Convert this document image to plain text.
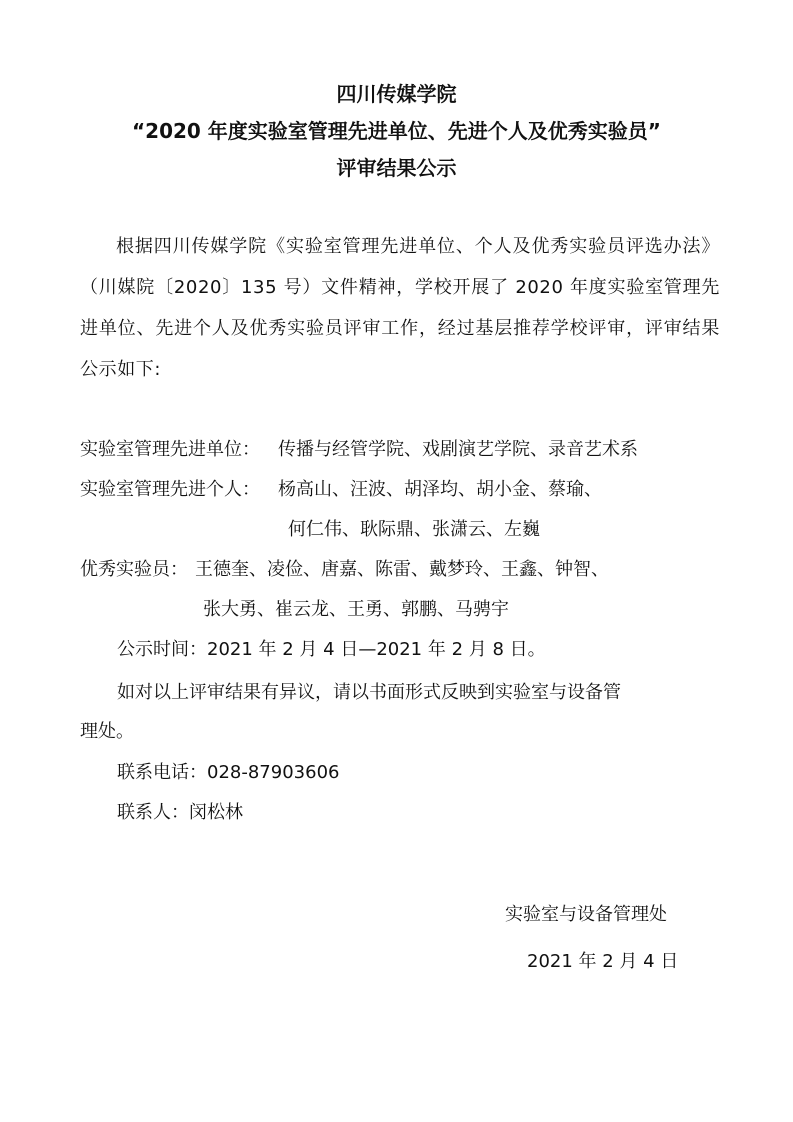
四川传媒学院
“2020 年度实验室管理先进单位、先进个人及优秀实验员”
评审结果公示
根据四川传媒学院《实验室管理先进单位、个人及优秀实验员评选办法》（川媒院〔2020〕135 号）文件精神，学校开展了 2020 年度实验室管理先进单位、先进个人及优秀实验员评审工作，经过基层推荐学校评审，评审结果公示如下:
实验室管理先进单位： 传播与经管学院、戏剧演艺学院、录音艺术系
实验室管理先进个人： 杨高山、汪波、胡泽均、胡小金、蔡瑜、
何仁伟、耿际鼎、张潇云、左巍
优秀实验员： 王德奎、凌俭、唐嘉、陈雷、戴梦玲、王鑫、钟智、
张大勇、崔云龙、王勇、郭鹏、马骋宇
公示时间：2021 年 2 月 4 日—2021 年 2 月 8 日。
如对以上评审结果有异议，请以书面形式反映到实验室与设备管
理处。
联系电话：028-87903606
联系人：闵松林
实验室与设备管理处
2021 年 2 月 4 日
